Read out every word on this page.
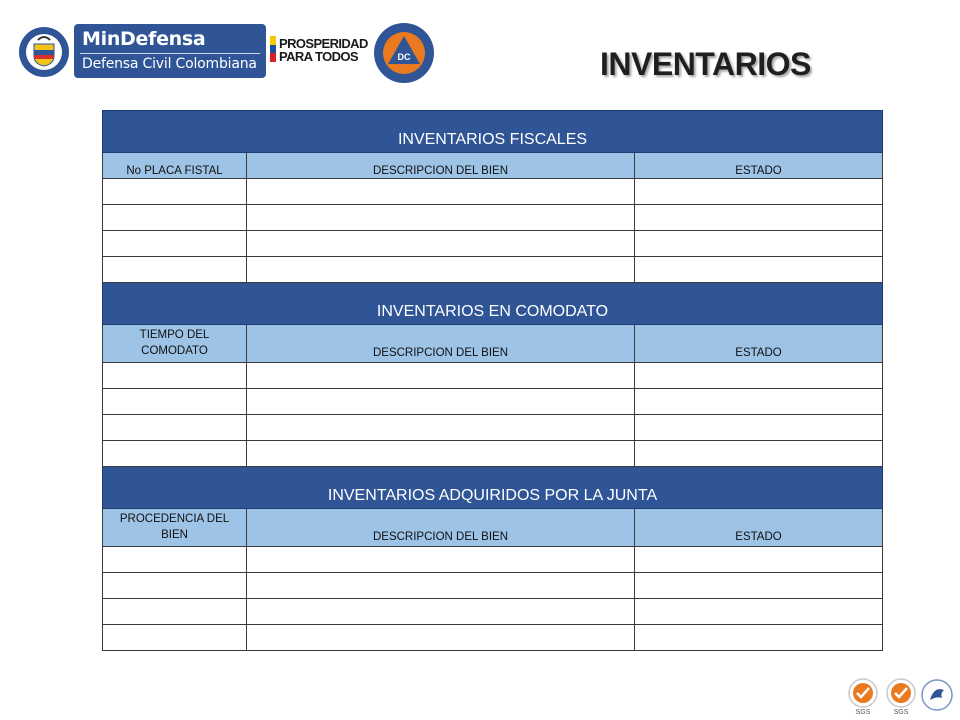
MinDefensa
Defensa Civil Colombiana
PROSPERIDAD
PARA TODOS	DC	INVENTARIOS
INVENTARIOS FISCALES		
No PLACA FISTAL	DESCRIPCION DEL BIEN	ESTADO

INVENTARIOS EN COMODATO		
TIEMPO DEL COMODATO	DESCRIPCION DEL BIEN	ESTADO

INVENTARIOS ADQUIRIDOS POR LA JUNTA		
PROCEDENCIA DEL BIEN	DESCRIPCION DEL BIEN	ESTADO

SGS	SGS
